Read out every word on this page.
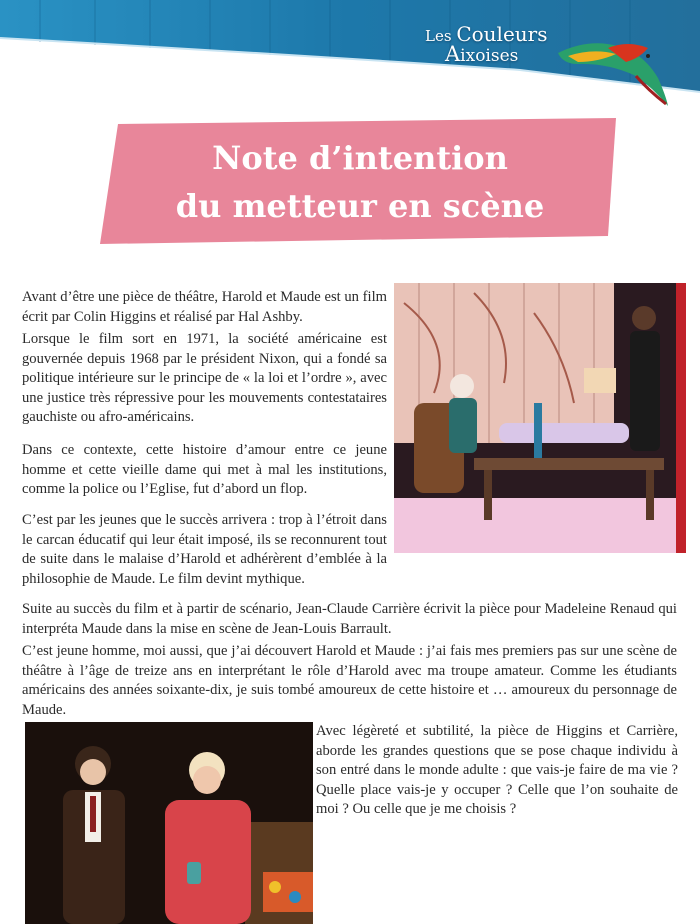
Les Couleurs
Aixoises
Note d’intention
du metteur en scène

Avant d’être une pièce de théâtre, Harold et Maude est un film écrit par Colin Higgins et réalisé par Hal Ashby.

Lorsque le film sort en 1971, la société américaine est gouvernée depuis 1968 par le président Nixon, qui a fondé sa politique intérieure sur le principe de « la loi et l’ordre », avec une justice très répressive pour les mouvements contestataires gauchiste ou afro-américains.

Dans ce contexte, cette histoire d’amour entre ce jeune homme et cette vieille dame qui met à mal les institutions, comme la police ou l’Eglise, fut d’abord un flop.

C’est par les jeunes que le succès arrivera : trop à l’étroit dans le carcan éducatif qui leur était imposé, ils se reconnurent tout de suite dans le malaise d’Harold et adhérèrent d’emblée à la philosophie de Maude. Le film devint mythique.

Suite au succès du film et à partir de scénario, Jean-Claude Carrière écrivit la pièce pour Madeleine Renaud qui interpréta Maude dans la mise en scène de Jean-Louis Barrault.

C’est jeune homme, moi aussi, que j’ai découvert Harold et Maude : j’ai fais mes premiers pas sur une scène de théâtre à l’âge de treize ans en interprétant le rôle d’Harold avec ma troupe amateur. Comme les étudiants américains des années soixante-dix, je suis tombé amoureux de cette histoire et … amoureux du personnage de Maude.

Avec légèreté et subtilité, la pièce de Higgins et Carrière, aborde les grandes questions que se pose chaque individu à son entré dans le monde adulte : que vais-je faire de ma vie ? Quelle place vais-je y occuper ? Celle que l’on souhaite de moi ? Ou celle que je me choisis ?
